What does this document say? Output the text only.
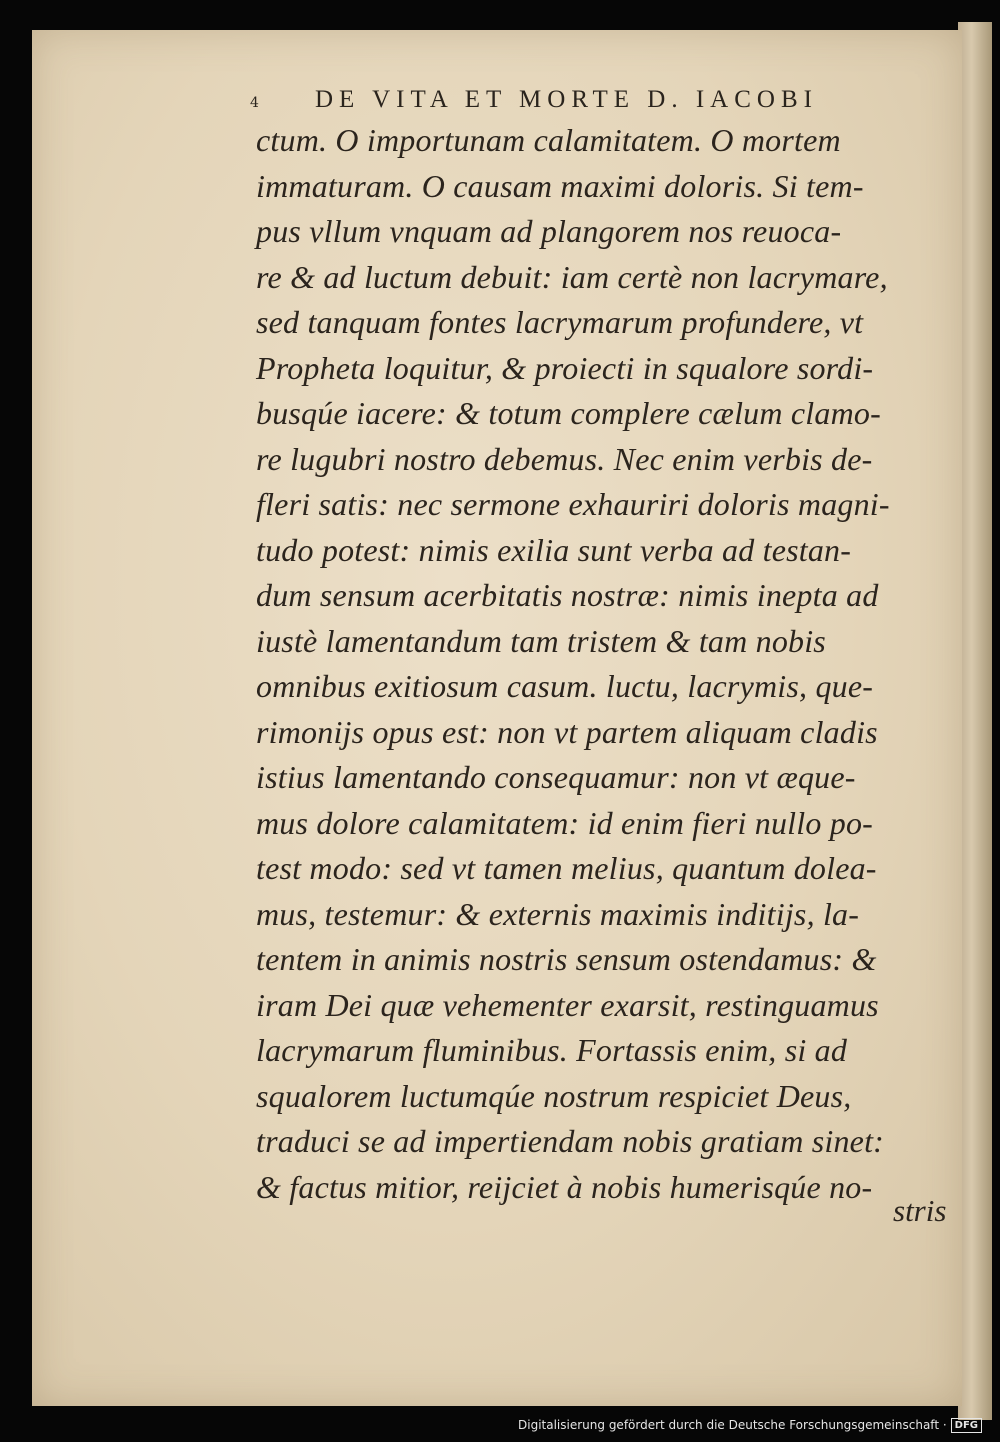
4 DE VITA ET MORTE D. IACOBI
ctum. O importunam calamitatem. O mortem
immaturam. O causam maximi doloris. Si tem-
pus vllum vnquam ad plangorem nos reuoca-
re & ad luctum debuit: iam certè non lacrymare,
sed tanquam fontes lacrymarum profundere, vt
Propheta loquitur, & proiecti in squalore sordi-
busqúe iacere: & totum complere cælum clamo-
re lugubri nostro debemus. Nec enim verbis de-
fleri satis: nec sermone exhauriri doloris magni-
tudo potest: nimis exilia sunt verba ad testan-
dum sensum acerbitatis nostræ: nimis inepta ad
iustè lamentandum tam tristem & tam nobis
omnibus exitiosum casum. luctu, lacrymis, que-
rimonijs opus est: non vt partem aliquam cladis
istius lamentando consequamur: non vt æque-
mus dolore calamitatem: id enim fieri nullo po-
test modo: sed vt tamen melius, quantum dolea-
mus, testemur: & externis maximis inditijs, la-
tentem in animis nostris sensum ostendamus: &
iram Dei quæ vehementer exarsit, restinguamus
lacrymarum fluminibus. Fortassis enim, si ad
squalorem luctumqúe nostrum respiciet Deus,
traduci se ad impertiendam nobis gratiam sinet:
& factus mitior, reijciet à nobis humerisqúe no-
stris
Digitalisierung gefördert durch die Deutsche Forschungsgemeinschaft · DFG
